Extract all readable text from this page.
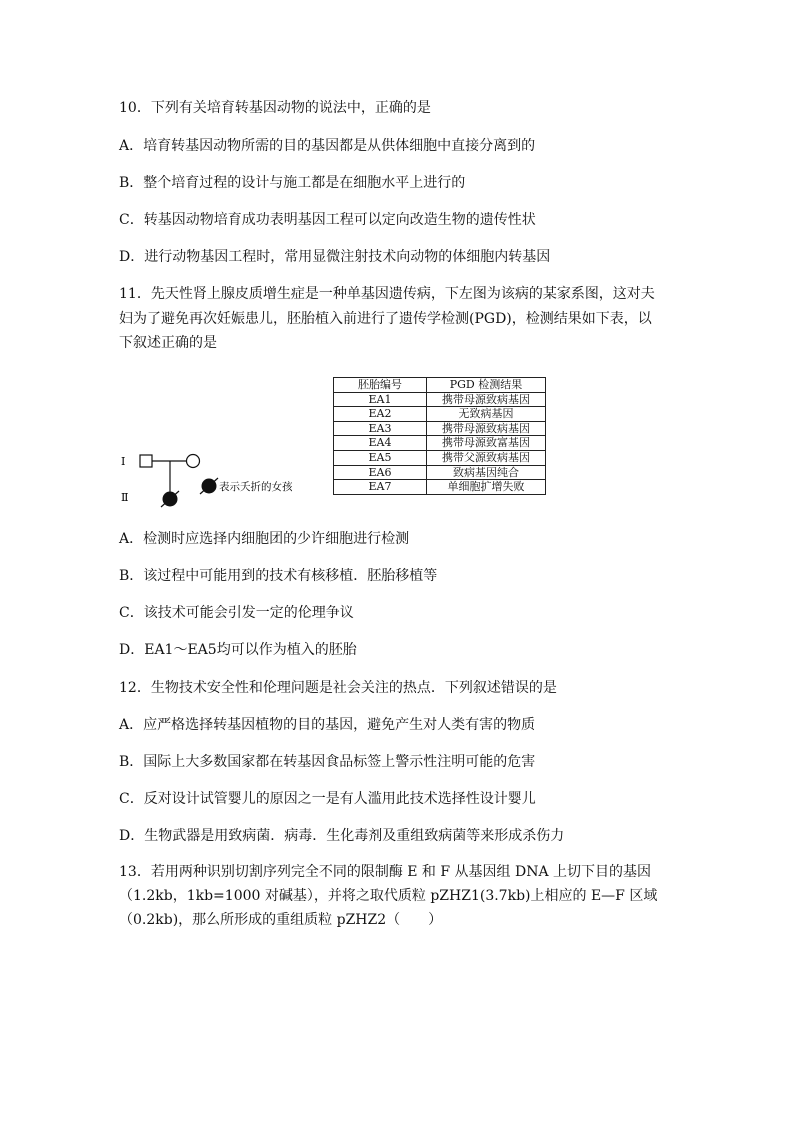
10．下列有关培育转基因动物的说法中，正确的是
A．培育转基因动物所需的目的基因都是从供体细胞中直接分离到的
B．整个培育过程的设计与施工都是在细胞水平上进行的
C．转基因动物培育成功表明基因工程可以定向改造生物的遗传性状
D．进行动物基因工程时，常用显微注射技术向动物的体细胞内转基因
11．先天性肾上腺皮质增生症是一种单基因遗传病，下左图为该病的某家系图，这对夫
妇为了避免再次妊娠患儿，胚胎植入前进行了遗传学检测(PGD)，检测结果如下表，以
下叙述正确的是
Ⅰ
Ⅱ
表示夭折的女孩
胚胎编号	PGD 检测结果
EA1	携带母源致病基因
EA2	无致病基因
EA3	携带母源致病基因
EA4	携带母源致富基因
EA5	携带父源致病基因
EA6	致病基因纯合
EA7	单细胞扩增失败
A．检测时应选择内细胞团的少许细胞进行检测
B．该过程中可能用到的技术有核移植．胚胎移植等
C．该技术可能会引发一定的伦理争议
D．EA1～EA5均可以作为植入的胚胎
12．生物技术安全性和伦理问题是社会关注的热点．下列叙述错误的是
A．应严格选择转基因植物的目的基因，避免产生对人类有害的物质
B．国际上大多数国家都在转基因食品标签上警示性注明可能的危害
C．反对设计试管婴儿的原因之一是有人滥用此技术选择性设计婴儿
D．生物武器是用致病菌．病毒．生化毒剂及重组致病菌等来形成杀伤力
13．若用两种识别切割序列完全不同的限制酶 E 和 F 从基因组 DNA 上切下目的基因（1.2kb，1kb=1000 对碱基），并将之取代质粒 pZHZ1(3.7kb)上相应的 E—F 区域（0.2kb)，那么所形成的重组质粒 pZHZ2（　　）
